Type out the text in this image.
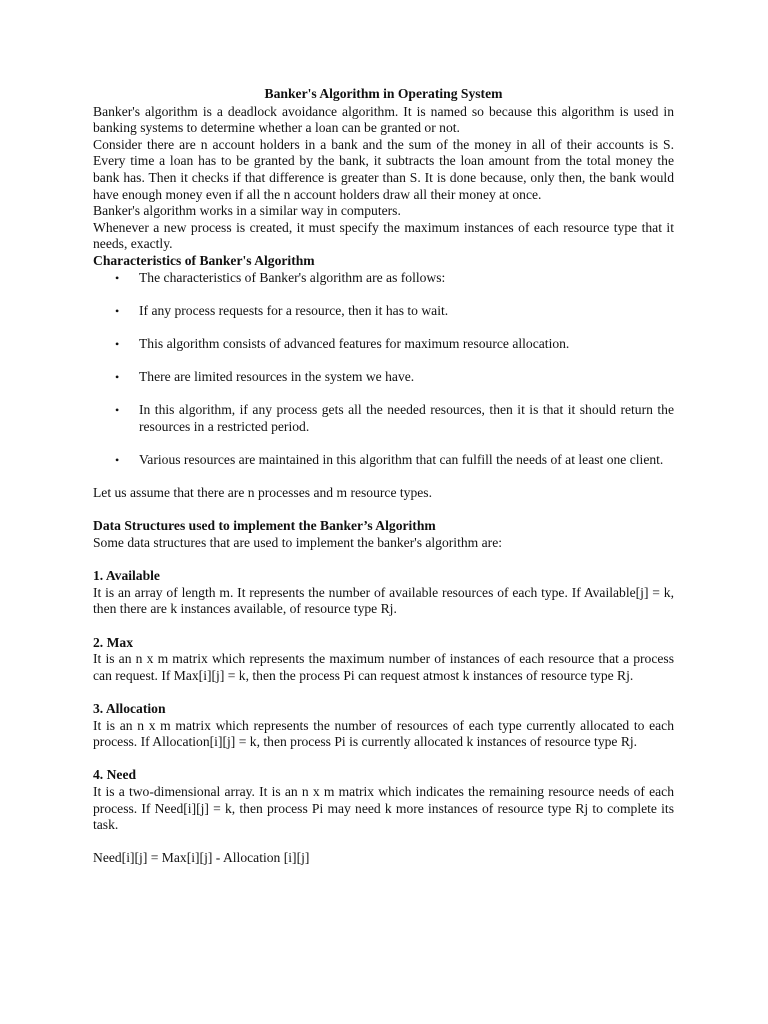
Banker's Algorithm in Operating System

Banker's algorithm is a deadlock avoidance algorithm. It is named so because this algorithm is used in banking systems to determine whether a loan can be granted or not.

Consider there are n account holders in a bank and the sum of the money in all of their accounts is S. Every time a loan has to be granted by the bank, it subtracts the loan amount from the total money the bank has. Then it checks if that difference is greater than S. It is done because, only then, the bank would have enough money even if all the n account holders draw all their money at once.

Banker's algorithm works in a similar way in computers.

Whenever a new process is created, it must specify the maximum instances of each resource type that it needs, exactly.

Characteristics of Banker's Algorithm
• The characteristics of Banker's algorithm are as follows:
• If any process requests for a resource, then it has to wait.
• This algorithm consists of advanced features for maximum resource allocation.
• There are limited resources in the system we have.
• In this algorithm, if any process gets all the needed resources, then it is that it should return the resources in a restricted period.
• Various resources are maintained in this algorithm that can fulfill the needs of at least one client.

Let us assume that there are n processes and m resource types.

Data Structures used to implement the Banker’s Algorithm

Some data structures that are used to implement the banker's algorithm are:

1. Available

It is an array of length m. It represents the number of available resources of each type. If Available[j] = k, then there are k instances available, of resource type Rj.

2. Max

It is an n x m matrix which represents the maximum number of instances of each resource that a process can request. If Max[i][j] = k, then the process Pi can request atmost k instances of resource type Rj.

3. Allocation

It is an n x m matrix which represents the number of resources of each type currently allocated to each process. If Allocation[i][j] = k, then process Pi is currently allocated k instances of resource type Rj.

4. Need

It is a two-dimensional array. It is an n x m matrix which indicates the remaining resource needs of each process. If Need[i][j] = k, then process Pi may need k more instances of resource type Rj to complete its task.

Need[i][j] = Max[i][j] - Allocation [i][j]
